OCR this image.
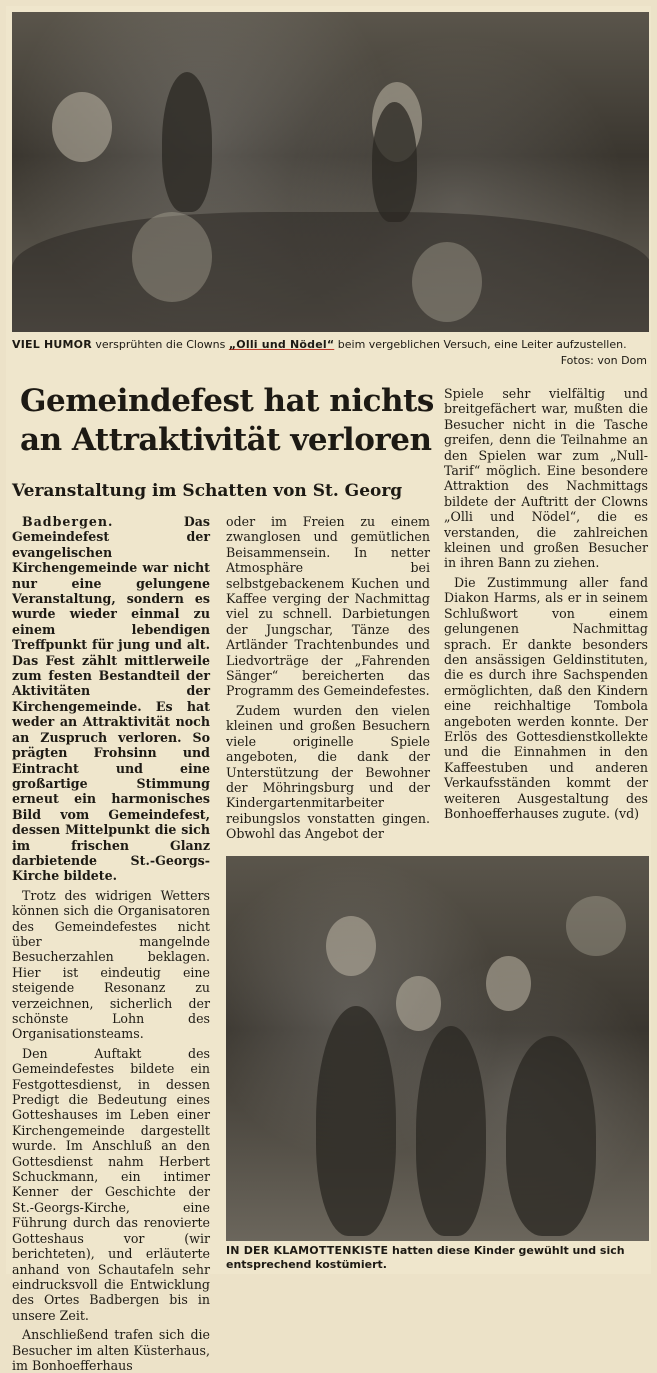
VIEL HUMOR versprühten die Clowns „Olli und Nödel“ beim vergeblichen Versuch, eine Leiter aufzustellen.
Fotos: von Dom
Gemeindefest hat nichts an Attraktivität verloren
Veranstaltung im Schatten von St. Georg

Badbergen. Das Gemeindefest der evangelischen Kirchengemeinde war nicht nur eine gelungene Veranstaltung, sondern es wurde wieder einmal zu einem lebendigen Treffpunkt für jung und alt. Das Fest zählt mittlerweile zum festen Bestandteil der Aktivitäten der Kirchengemeinde. Es hat weder an Attraktivität noch an Zuspruch verloren. So prägten Frohsinn und Eintracht und eine großartige Stimmung erneut ein harmonisches Bild vom Gemeindefest, dessen Mittelpunkt die sich im frischen Glanz darbietende St.-Georgs-Kirche bildete.

Trotz des widrigen Wetters können sich die Organisatoren des Gemeindefestes nicht über mangelnde Besucherzahlen beklagen. Hier ist eindeutig eine steigende Resonanz zu verzeichnen, sicherlich der schönste Lohn des Organisationsteams.

Den Auftakt des Gemeindefestes bildete ein Festgottesdienst, in dessen Predigt die Bedeutung eines Gotteshauses im Leben einer Kirchengemeinde dargestellt wurde. Im Anschluß an den Gottesdienst nahm Herbert Schuckmann, ein intimer Kenner der Geschichte der St.-Georgs-Kirche, eine Führung durch das renovierte Gotteshaus vor (wir berichteten), und erläuterte anhand von Schautafeln sehr eindrucksvoll die Entwicklung des Ortes Badbergen bis in unsere Zeit.

Anschließend trafen sich die Besucher im alten Küsterhaus, im Bonhoefferhaus

oder im Freien zu einem zwanglosen und gemütlichen Beisammensein. In netter Atmosphäre bei selbstgebackenem Kuchen und Kaffee verging der Nachmittag viel zu schnell. Darbietungen der Jungschar, Tänze des Artländer Trachtenbundes und Liedvorträge der „Fahrenden Sänger“ bereicherten das Programm des Gemeindefestes.

Zudem wurden den vielen kleinen und großen Besuchern viele originelle Spiele angeboten, die dank der Unterstützung der Bewohner der Möhringsburg und der Kindergartenmitarbeiter reibungslos vonstatten gingen. Obwohl das Angebot der

Spiele sehr vielfältig und breitgefächert war, mußten die Besucher nicht in die Tasche greifen, denn die Teilnahme an den Spielen war zum „Null-Tarif“ möglich. Eine besondere Attraktion des Nachmittags bildete der Auftritt der Clowns „Olli und Nödel“, die es verstanden, die zahlreichen kleinen und großen Besucher in ihren Bann zu ziehen.

Die Zustimmung aller fand Diakon Harms, als er in seinem Schlußwort von einem gelungenen Nachmittag sprach. Er dankte besonders den ansässigen Geldinstituten, die es durch ihre Sachspenden ermöglichten, daß den Kindern eine reichhaltige Tombola angeboten werden konnte. Der Erlös des Gottesdienstkollekte und die Einnahmen in den Kaffeestuben und anderen Verkaufsständen kommt der weiteren Ausgestaltung des Bonhoefferhauses zugute. (vd)

IN DER KLAMOTTENKISTE hatten diese Kinder gewühlt und sich entsprechend kostümiert.
